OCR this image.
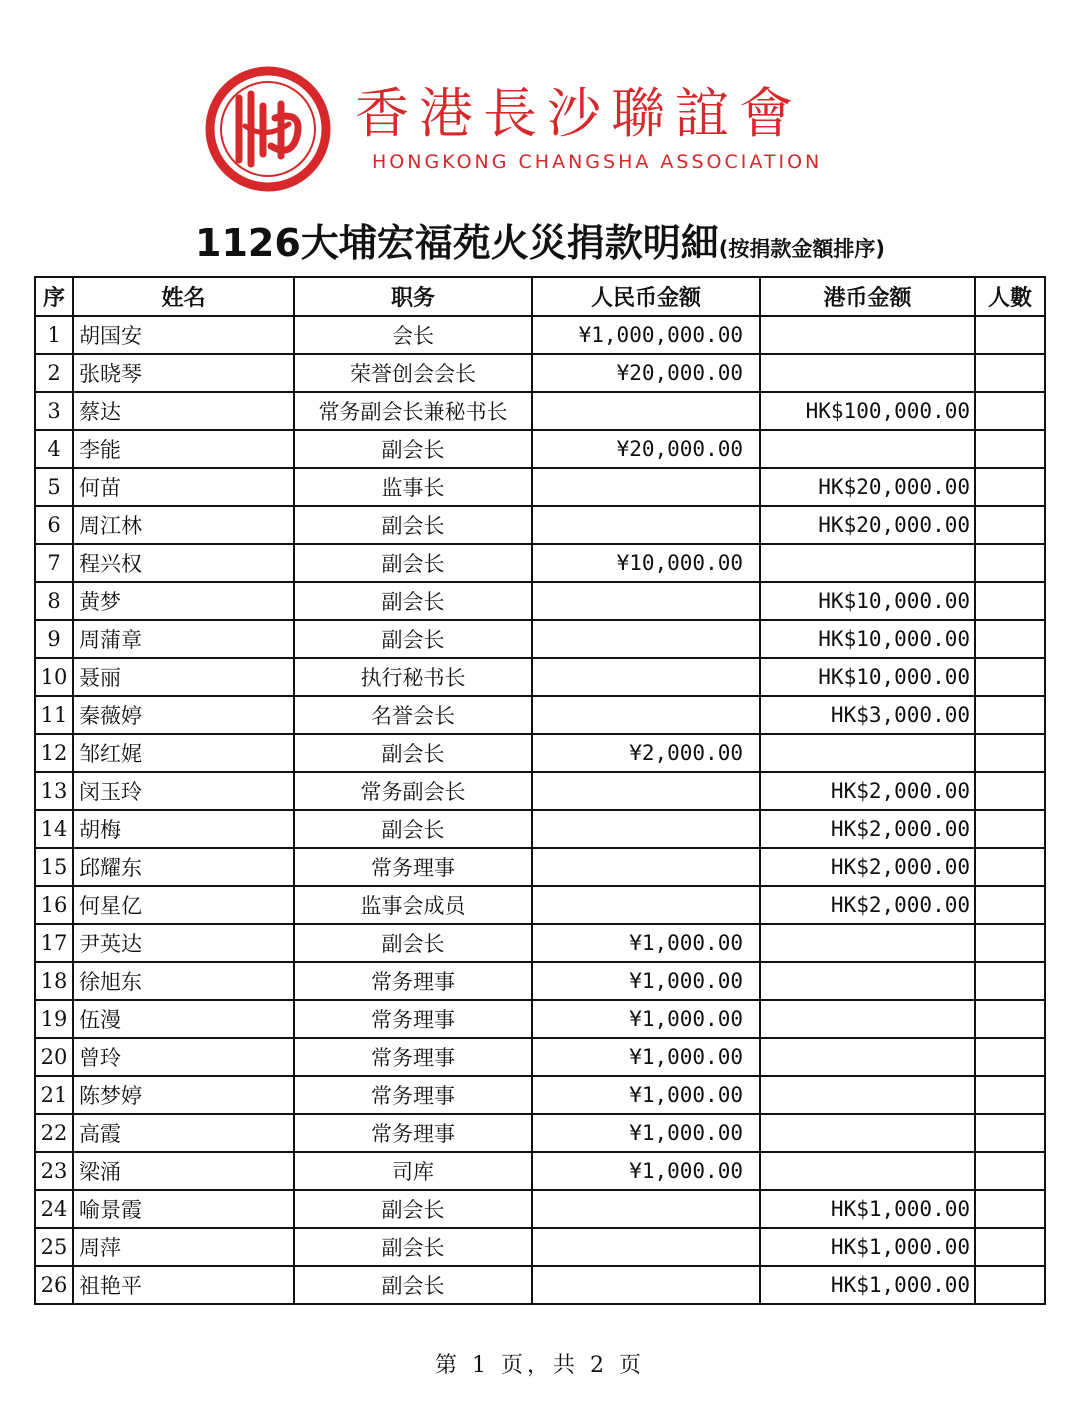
香港長沙聯誼會
HONGKONG CHANGSHA ASSOCIATION
1126大埔宏福苑火災捐款明細(按捐款金額排序)
序	姓名	职务	人民币金额	港币金额	人數
1	胡国安	会长	¥1,000,000.00		
2	张晓琴	荣誉创会会长	¥20,000.00		
3	蔡达	常务副会长兼秘书长		HK$100,000.00	
4	李能	副会长	¥20,000.00		
5	何苗	监事长		HK$20,000.00	
6	周江林	副会长		HK$20,000.00	
7	程兴权	副会长	¥10,000.00		
8	黄梦	副会长		HK$10,000.00	
9	周蒲章	副会长		HK$10,000.00	
10	聂丽	执行秘书长		HK$10,000.00	
11	秦薇婷	名誉会长		HK$3,000.00	
12	邹红娓	副会长	¥2,000.00		
13	闵玉玲	常务副会长		HK$2,000.00	
14	胡梅	副会长		HK$2,000.00	
15	邱耀东	常务理事		HK$2,000.00	
16	何星亿	监事会成员		HK$2,000.00	
17	尹英达	副会长	¥1,000.00		
18	徐旭东	常务理事	¥1,000.00		
19	伍漫	常务理事	¥1,000.00		
20	曾玲	常务理事	¥1,000.00		
21	陈梦婷	常务理事	¥1,000.00		
22	高霞	常务理事	¥1,000.00		
23	梁涌	司库	¥1,000.00		
24	喻景霞	副会长		HK$1,000.00	
25	周萍	副会长		HK$1,000.00	
26	祖艳平	副会长		HK$1,000.00	
第 1 页，共 2 页
